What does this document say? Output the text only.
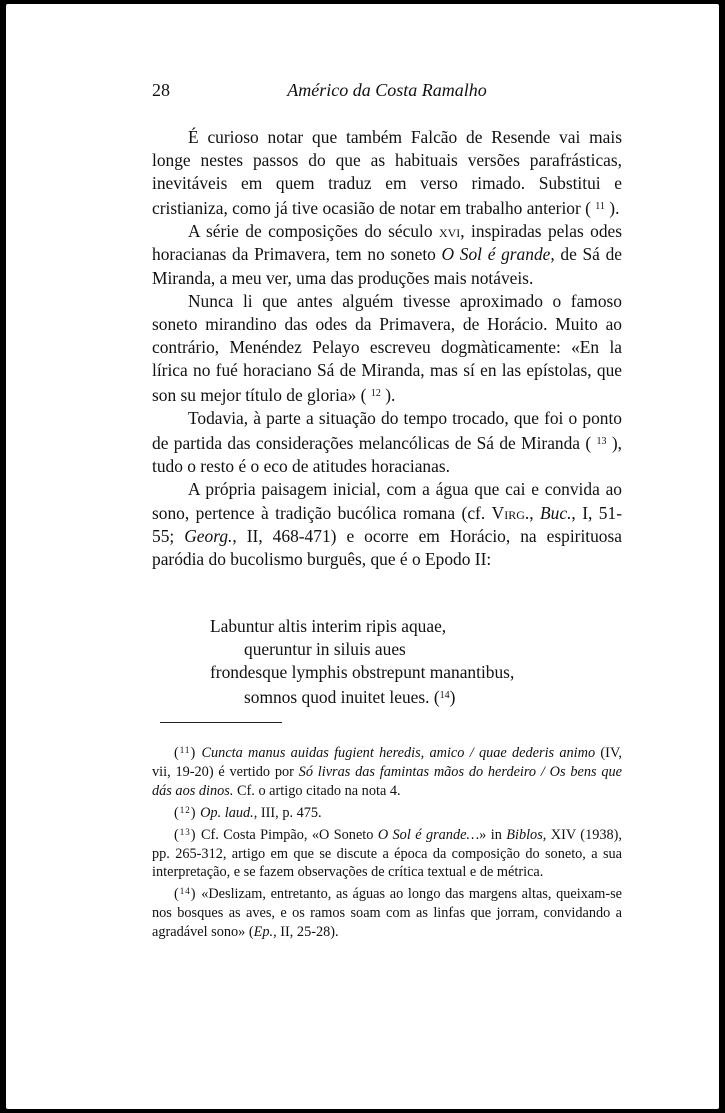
28	Américo da Costa Ramalho

É curioso notar que também Falcão de Resende vai mais longe nestes passos do que as habituais versões parafrásticas, inevitáveis em quem traduz em verso rimado. Substitui e cristianiza, como já tive ocasião de notar em trabalho anterior ( $^{11}$ ).

A série de composições do século xvi, inspiradas pelas odes horacianas da Primavera, tem no soneto O Sol é grande, de Sá de Miranda, a meu ver, uma das produções mais notáveis.

Nunca li que antes alguém tivesse aproximado o famoso soneto mirandino das odes da Primavera, de Horácio. Muito ao contrário, Menéndez Pelayo escreveu dogmàticamente: «En la lírica no fué horaciano Sá de Miranda, mas sí en las epístolas, que son su mejor título de gloria» ( $^{12}$ ).

Todavia, à parte a situação do tempo trocado, que foi o ponto de partida das considerações melancólicas de Sá de Miranda ( $^{13}$ ), tudo o resto é o eco de atitudes horacianas.

A própria paisagem inicial, com a água que cai e convida ao sono, pertence à tradição bucólica romana (cf. Virg., Buc., I, 51-55; Georg., II, 468-471) e ocorre em Horácio, na espirituosa paródia do bucolismo burguês, que é o Epodo II:

Labuntur altis interim ripis aquae,
queruntur in siluis aues
frondesque lymphis obstrepunt manantibus,
somnos quod inuitet leues. ($^{14}$)

($^{11}$) Cuncta manus auidas fugient heredis, amico / quae dederis animo (IV, vii, 19-20) é vertido por Só livras das famintas mãos do herdeiro / Os bens que dás aos dinos. Cf. o artigo citado na nota 4.

($^{12}$) Op. laud., III, p. 475.

($^{13}$) Cf. Costa Pimpão, «O Soneto O Sol é grande…» in Biblos, XIV (1938), pp. 265-312, artigo em que se discute a época da composição do soneto, a sua interpretação, e se fazem observações de crítica textual e de métrica.

($^{14}$) «Deslizam, entretanto, as águas ao longo das margens altas, queixam-se nos bosques as aves, e os ramos soam com as linfas que jorram, convidando a agradável sono» (Ep., II, 25-28).
